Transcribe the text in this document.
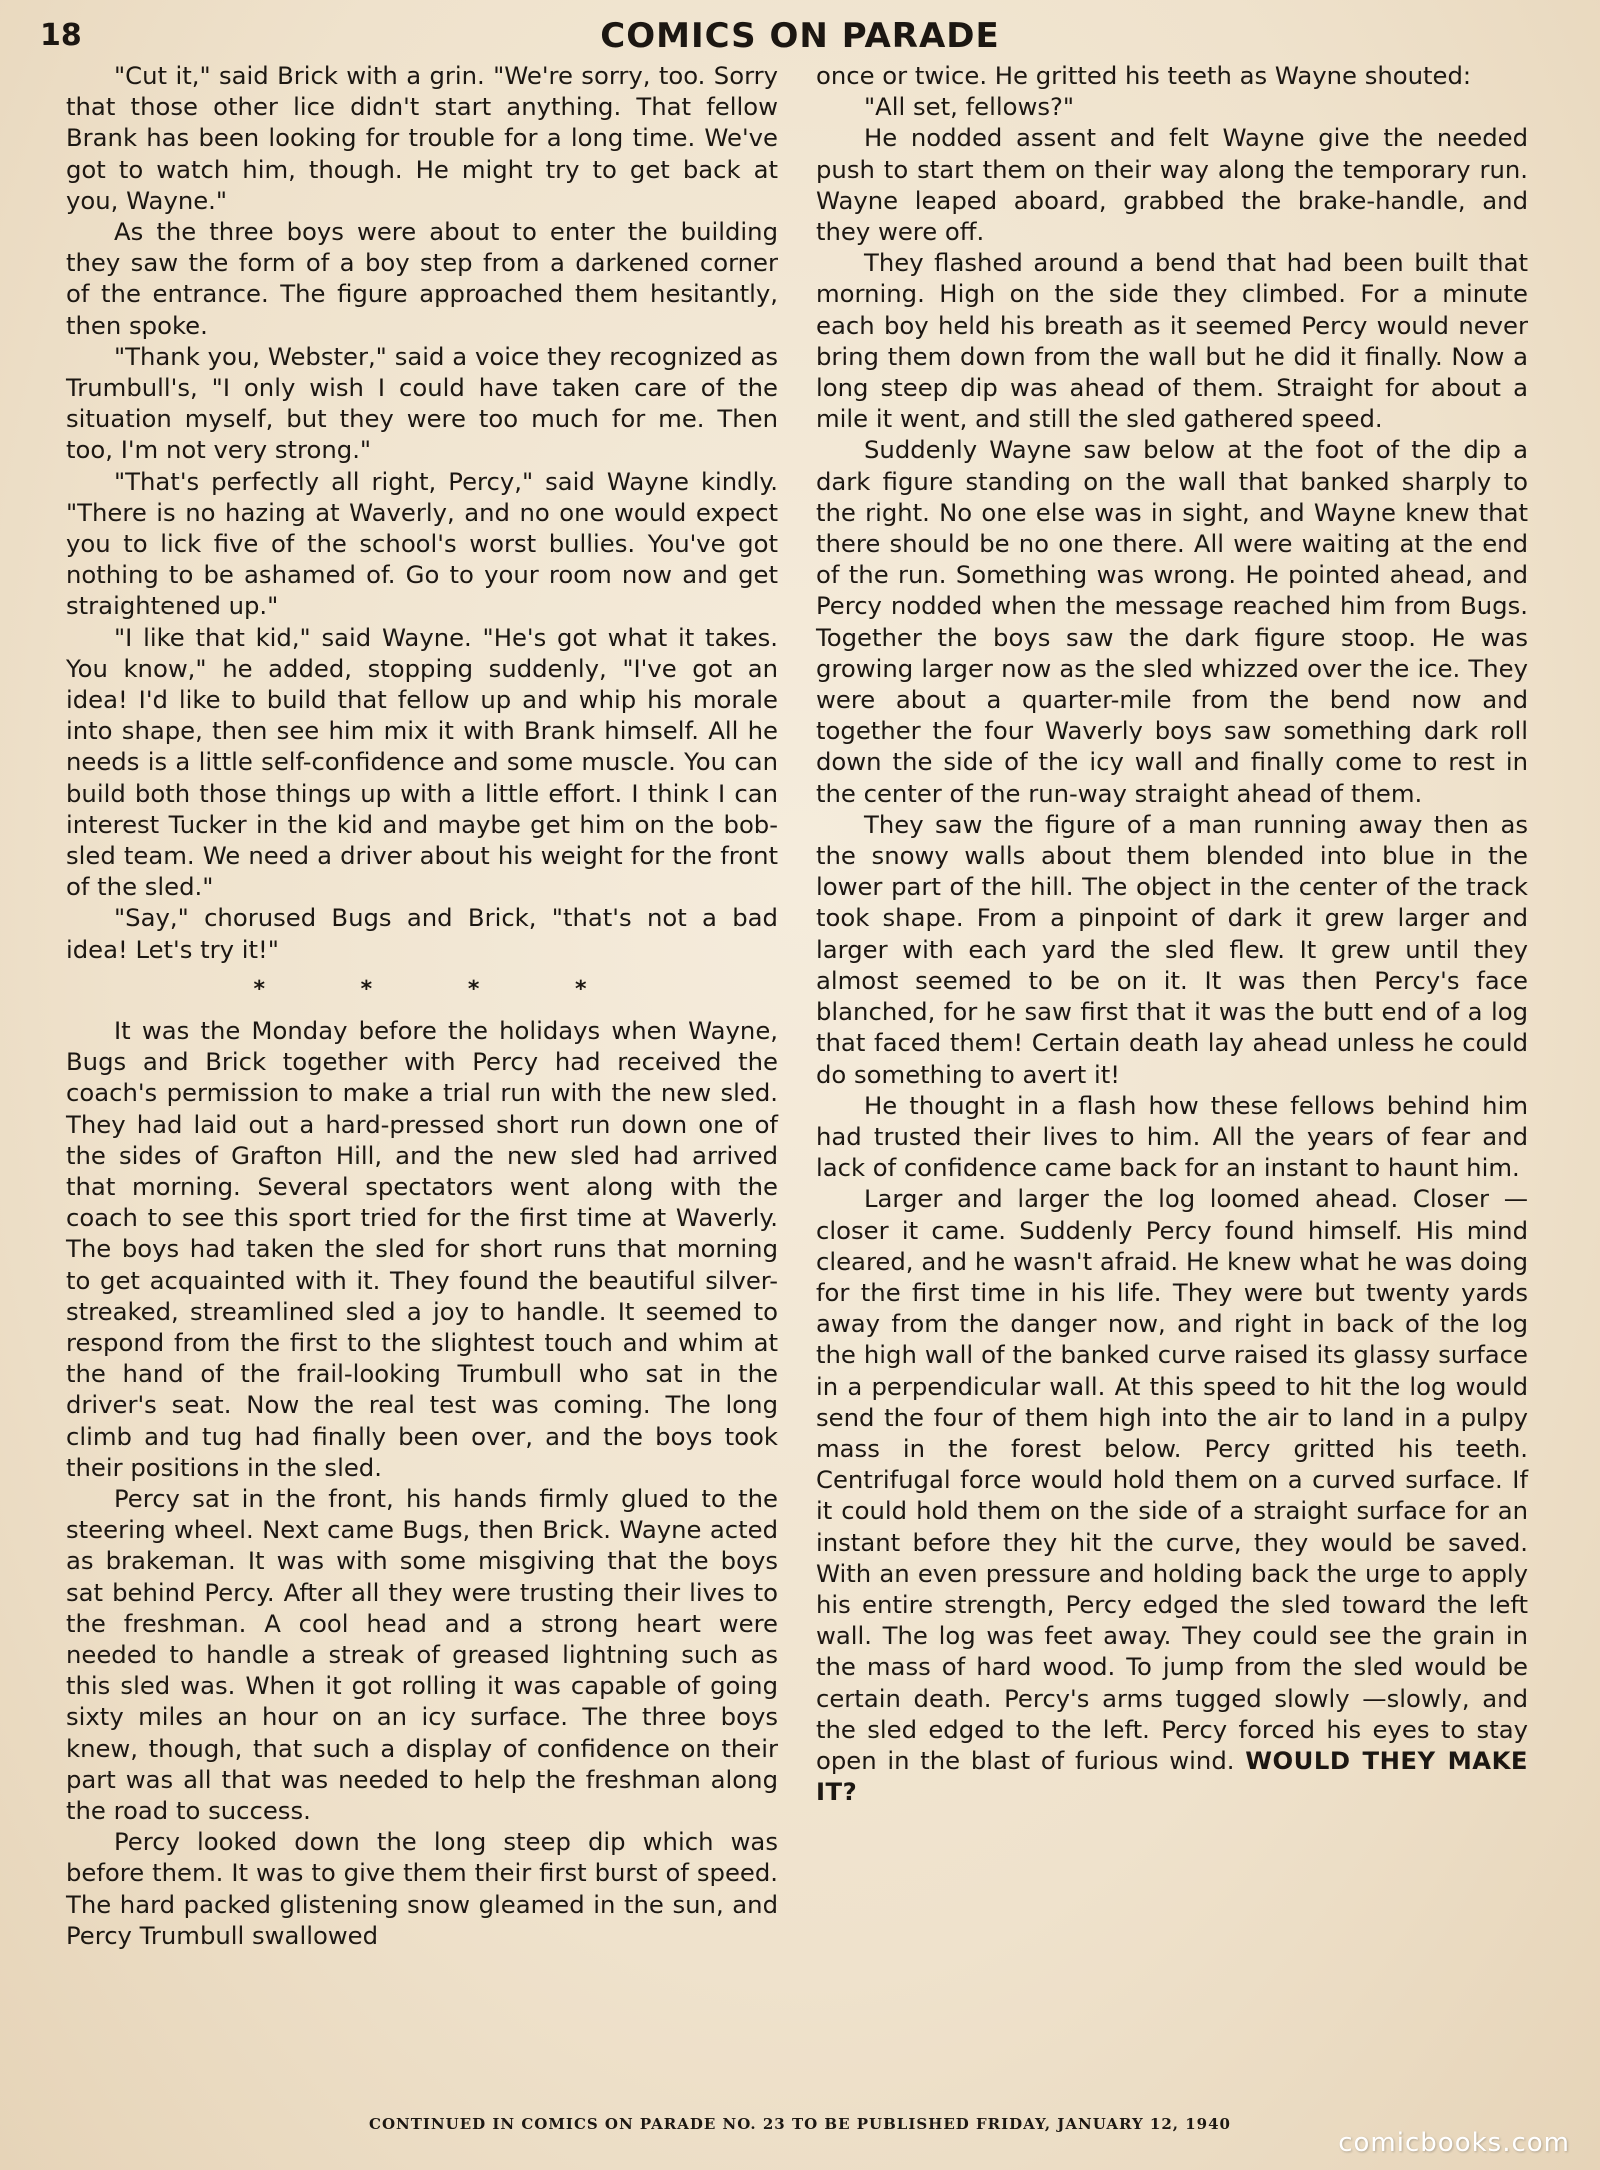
18	COMICS ON PARADE

"Cut it," said Brick with a grin. "We're sorry, too. Sorry that those other lice didn't start anything. That fellow Brank has been looking for trouble for a long time. We've got to watch him, though. He might try to get back at you, Wayne."

As the three boys were about to enter the building they saw the form of a boy step from a darkened corner of the entrance. The figure approached them hesitantly, then spoke.

"Thank you, Webster," said a voice they recognized as Trumbull's, "I only wish I could have taken care of the situation myself, but they were too much for me. Then too, I'm not very strong."

"That's perfectly all right, Percy," said Wayne kindly. "There is no hazing at Waverly, and no one would expect you to lick five of the school's worst bullies. You've got nothing to be ashamed of. Go to your room now and get straightened up."

"I like that kid," said Wayne. "He's got what it takes. You know," he added, stopping suddenly, "I've got an idea! I'd like to build that fellow up and whip his morale into shape, then see him mix it with Brank himself. All he needs is a little self-confidence and some muscle. You can build both those things up with a little effort. I think I can interest Tucker in the kid and maybe get him on the bob-sled team. We need a driver about his weight for the front of the sled."

"Say," chorused Bugs and Brick, "that's not a bad idea! Let's try it!"

* * * *

It was the Monday before the holidays when Wayne, Bugs and Brick together with Percy had received the coach's permission to make a trial run with the new sled. They had laid out a hard-pressed short run down one of the sides of Grafton Hill, and the new sled had arrived that morning. Several spectators went along with the coach to see this sport tried for the first time at Waverly. The boys had taken the sled for short runs that morning to get acquainted with it. They found the beautiful silver-streaked, streamlined sled a joy to handle. It seemed to respond from the first to the slightest touch and whim at the hand of the frail-looking Trumbull who sat in the driver's seat. Now the real test was coming. The long climb and tug had finally been over, and the boys took their positions in the sled.

Percy sat in the front, his hands firmly glued to the steering wheel. Next came Bugs, then Brick. Wayne acted as brakeman. It was with some misgiving that the boys sat behind Percy. After all they were trusting their lives to the freshman. A cool head and a strong heart were needed to handle a streak of greased lightning such as this sled was. When it got rolling it was capable of going sixty miles an hour on an icy surface. The three boys knew, though, that such a display of confidence on their part was all that was needed to help the freshman along the road to success.

Percy looked down the long steep dip which was before them. It was to give them their first burst of speed. The hard packed glistening snow gleamed in the sun, and Percy Trumbull swallowed

once or twice. He gritted his teeth as Wayne shouted:

"All set, fellows?"

He nodded assent and felt Wayne give the needed push to start them on their way along the temporary run. Wayne leaped aboard, grabbed the brake-handle, and they were off.

They flashed around a bend that had been built that morning. High on the side they climbed. For a minute each boy held his breath as it seemed Percy would never bring them down from the wall but he did it finally. Now a long steep dip was ahead of them. Straight for about a mile it went, and still the sled gathered speed.

Suddenly Wayne saw below at the foot of the dip a dark figure standing on the wall that banked sharply to the right. No one else was in sight, and Wayne knew that there should be no one there. All were waiting at the end of the run. Something was wrong. He pointed ahead, and Percy nodded when the message reached him from Bugs. Together the boys saw the dark figure stoop. He was growing larger now as the sled whizzed over the ice. They were about a quarter-mile from the bend now and together the four Waverly boys saw something dark roll down the side of the icy wall and finally come to rest in the center of the run-way straight ahead of them.

They saw the figure of a man running away then as the snowy walls about them blended into blue in the lower part of the hill. The object in the center of the track took shape. From a pinpoint of dark it grew larger and larger with each yard the sled flew. It grew until they almost seemed to be on it. It was then Percy's face blanched, for he saw first that it was the butt end of a log that faced them! Certain death lay ahead unless he could do something to avert it!

He thought in a flash how these fellows behind him had trusted their lives to him. All the years of fear and lack of confidence came back for an instant to haunt him.

Larger and larger the log loomed ahead. Closer —closer it came. Suddenly Percy found himself. His mind cleared, and he wasn't afraid. He knew what he was doing for the first time in his life. They were but twenty yards away from the danger now, and right in back of the log the high wall of the banked curve raised its glassy surface in a perpendicular wall. At this speed to hit the log would send the four of them high into the air to land in a pulpy mass in the forest below. Percy gritted his teeth. Centrifugal force would hold them on a curved surface. If it could hold them on the side of a straight surface for an instant before they hit the curve, they would be saved. With an even pressure and holding back the urge to apply his entire strength, Percy edged the sled toward the left wall. The log was feet away. They could see the grain in the mass of hard wood. To jump from the sled would be certain death. Percy's arms tugged slowly —slowly, and the sled edged to the left. Percy forced his eyes to stay open in the blast of furious wind. WOULD THEY MAKE IT?

CONTINUED IN COMICS ON PARADE NO. 23 TO BE PUBLISHED FRIDAY, JANUARY 12, 1940
comicbooks.com
